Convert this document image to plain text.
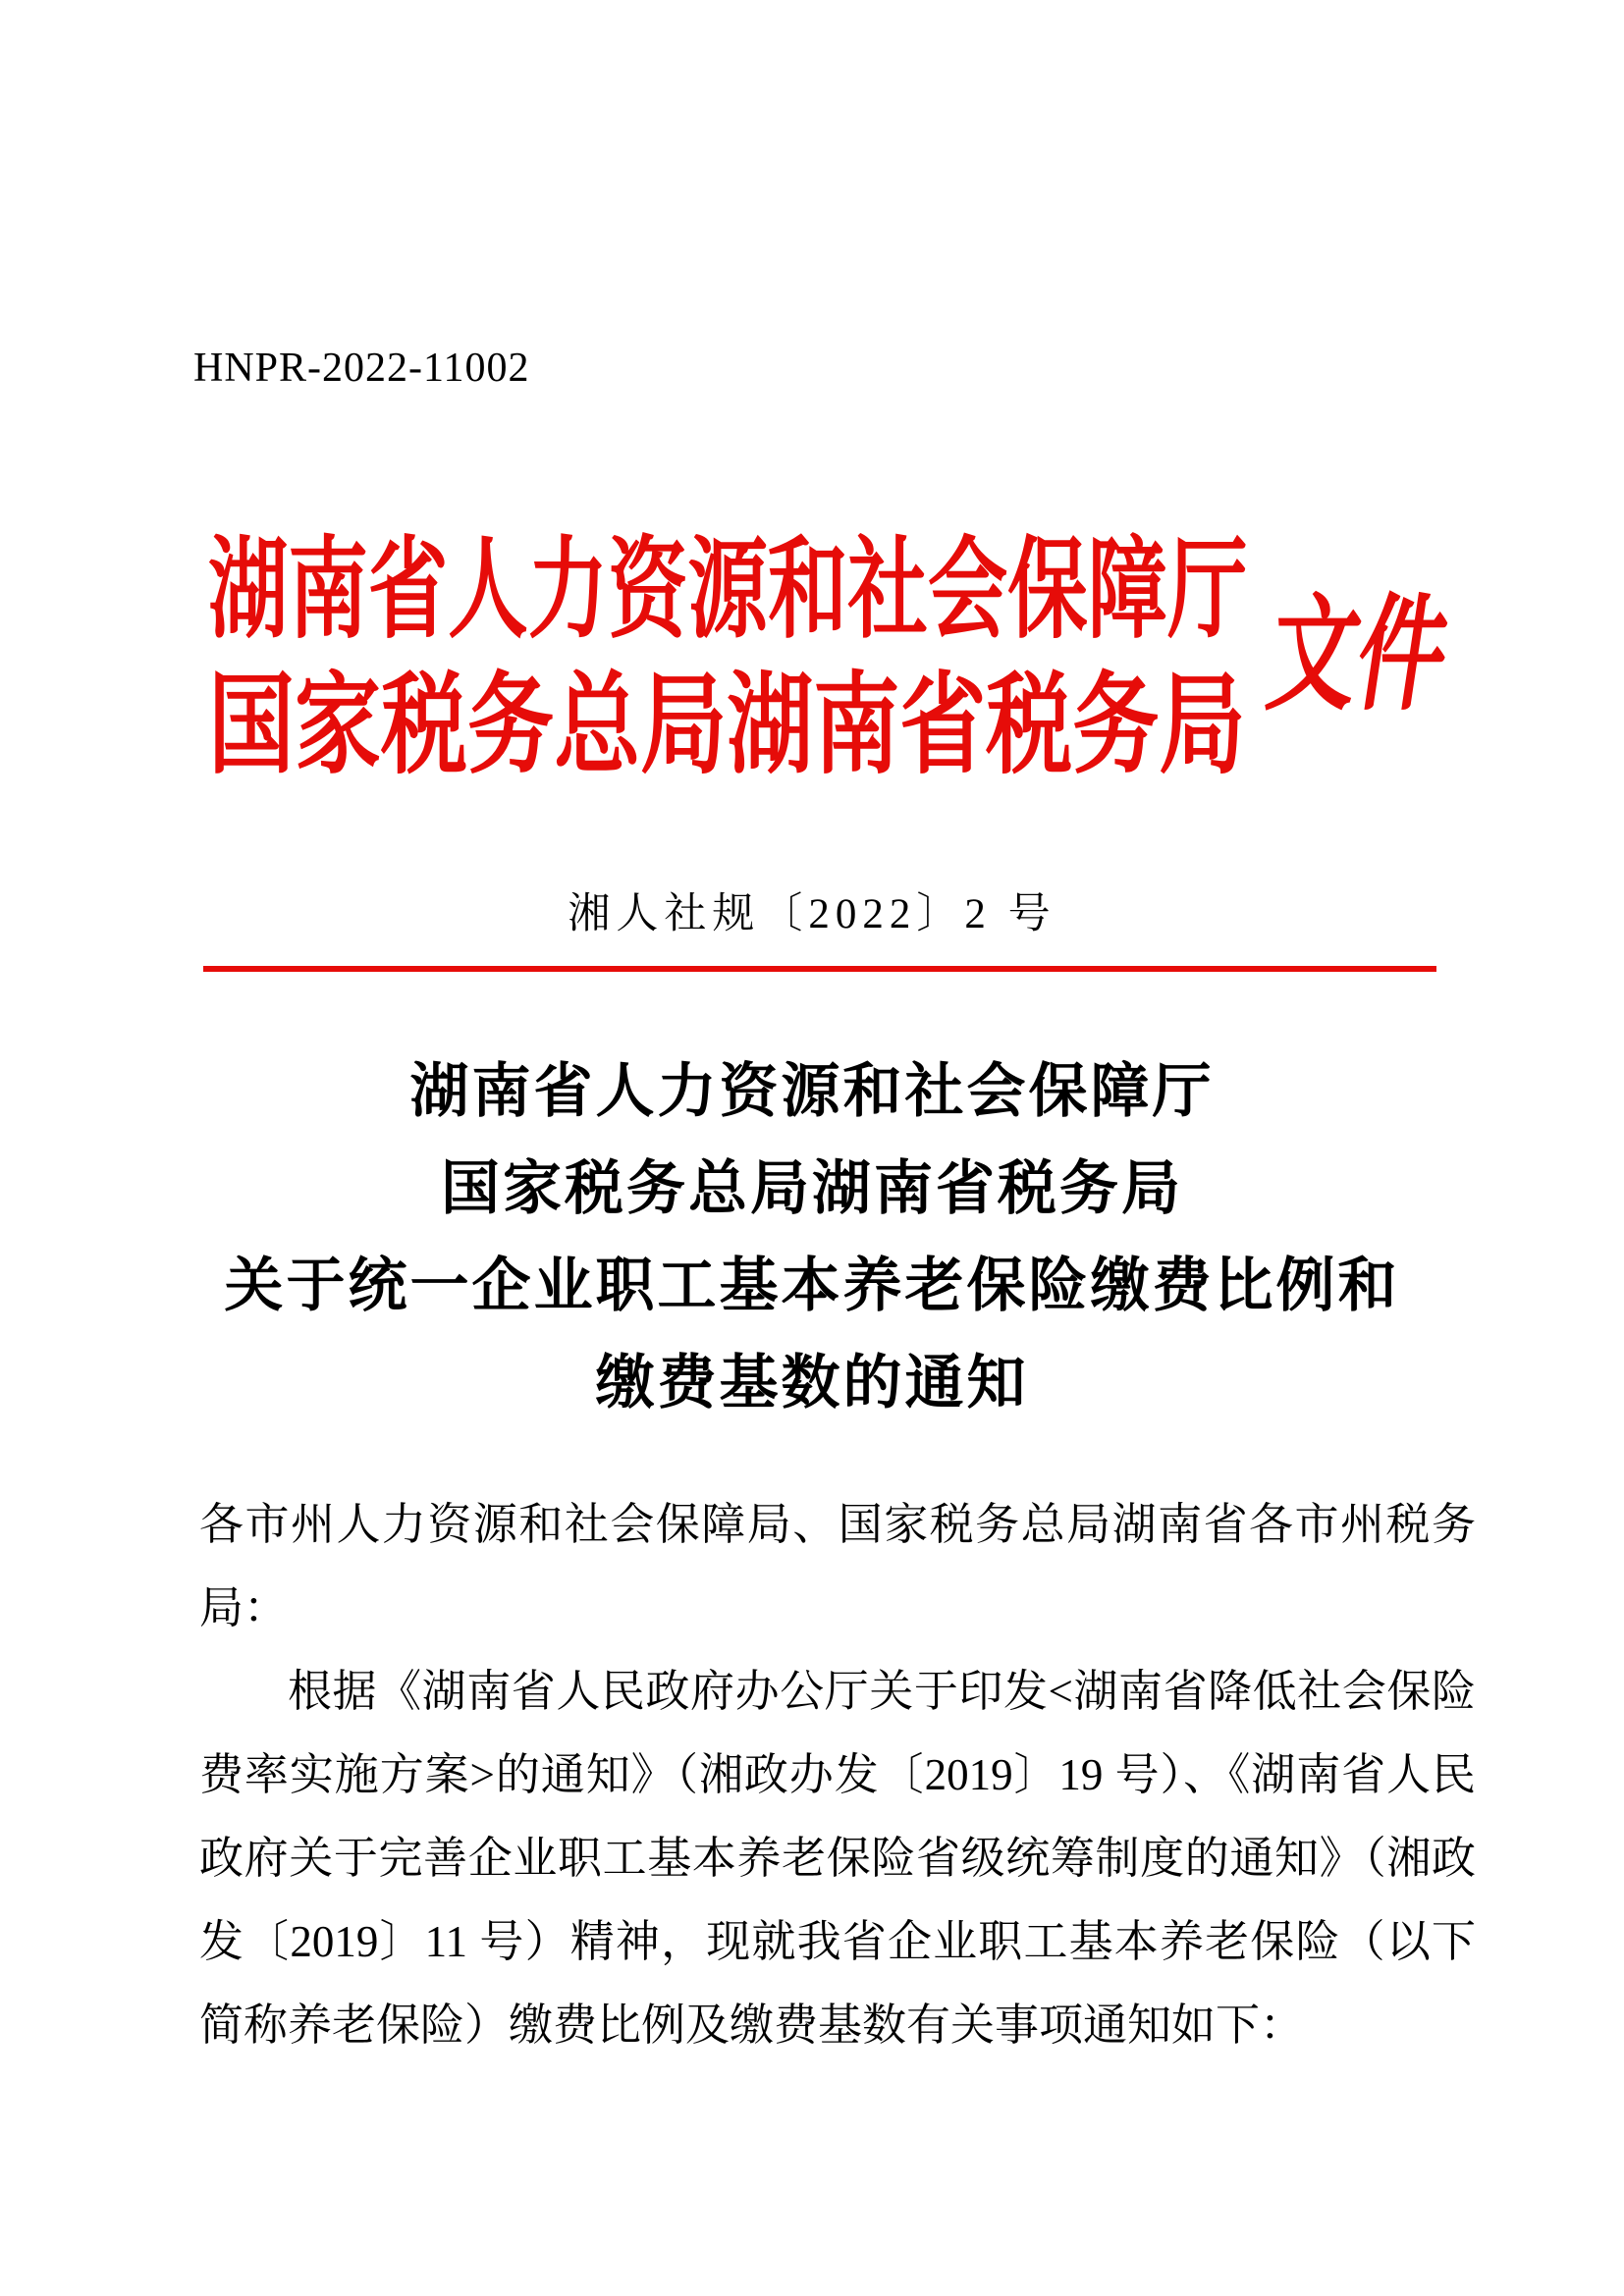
HNPR-2022-11002
湖南省人力资源和社会保障厅
国家税务总局湖南省税务局
文件
湘人社规〔2022〕2 号
湖南省人力资源和社会保障厅
国家税务总局湖南省税务局
关于统一企业职工基本养老保险缴费比例和
缴费基数的通知
各市州人力资源和社会保障局、国家税务总局湖南省各市州税务
局：
根据《湖南省人民政府办公厅关于印发<湖南省降低社会保险
费率实施方案>的通知》（湘政办发〔2019〕19 号）、《湖南省人民
政府关于完善企业职工基本养老保险省级统筹制度的通知》（湘政
发〔2019〕11 号）精神，现就我省企业职工基本养老保险（以下
简称养老保险）缴费比例及缴费基数有关事项通知如下：
